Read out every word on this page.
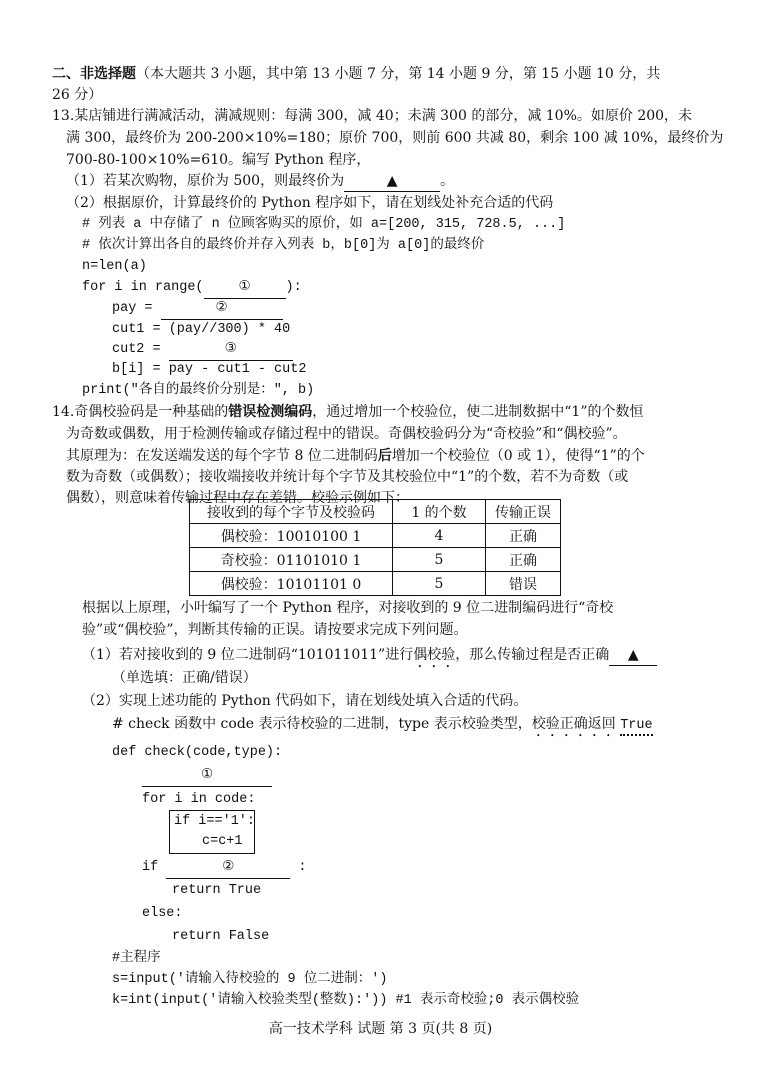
二、非选择题（本大题共 3 小题，其中第 13 小题 7 分，第 14 小题 9 分，第 15 小题 10 分，共
26 分）
13.某店铺进行满减活动，满减规则：每满 300，减 40；未满 300 的部分，减 10%。如原价 200，未
满 300，最终价为 200-200×10%=180；原价 700，则前 600 共减 80，剩余 100 减 10%，最终价为
700-80-100×10%=610。编写 Python 程序，
（1）若某次购物，原价为 500，则最终价为	▲	。
（2）根据原价，计算最终价的 Python 程序如下，请在划线处补充合适的代码
# 列表 a 中存储了 n 位顾客购买的原价，如 a=[200, 315, 728.5, ...]
# 依次计算出各自的最终价并存入列表 b，b[0]为 a[0]的最终价
n=len(a)
for i in range(	①	):
pay =	②
cut1 = (pay//300) * 40
cut2 =	③
b[i] = pay - cut1 - cut2
print("各自的最终价分别是：", b)
14.奇偶校验码是一种基础的错误检测编码，通过增加一个校验位，使二进制数据中“1”的个数恒
为奇数或偶数，用于检测传输或存储过程中的错误。奇偶校验码分为“奇校验”和“偶校验”。
其原理为：在发送端发送的每个字节 8 位二进制码后增加一个校验位（0 或 1），使得“1”的个
数为奇数（或偶数）；接收端接收并统计每个字节及其校验位中“1”的个数，若不为奇数（或
偶数），则意味着传输过程中存在差错。校验示例如下：
接收到的每个字节及校验码	1 的个数	传输正误
偶校验：10010100 1	4	正确
奇校验：01101010 1	5	正确
偶校验：10101101 0	5	错误
根据以上原理，小叶编写了一个 Python 程序，对接收到的 9 位二进制编码进行“奇校
验”或“偶校验”，判断其传输的正误。请按要求完成下列问题。
（1）若对接收到的 9 位二进制码“101011011”进行偶校验，那么传输过程是否正确 ▲
（单选填：正确/错误）
（2）实现上述功能的 Python 代码如下，请在划线处填入合适的代码。
# check 函数中 code 表示待校验的二进制，type 表示校验类型，校验正确返回 True
def check(code,type):
①
for i in code:
if i=='1':
c=c+1
if	②	:
return True
else:
return False
#主程序
s=input('请输入待校验的 9 位二进制：')
k=int(input('请输入校验类型(整数):')) #1 表示奇校验;0 表示偶校验
高一技术学科 试题 第 3 页(共 8 页)
